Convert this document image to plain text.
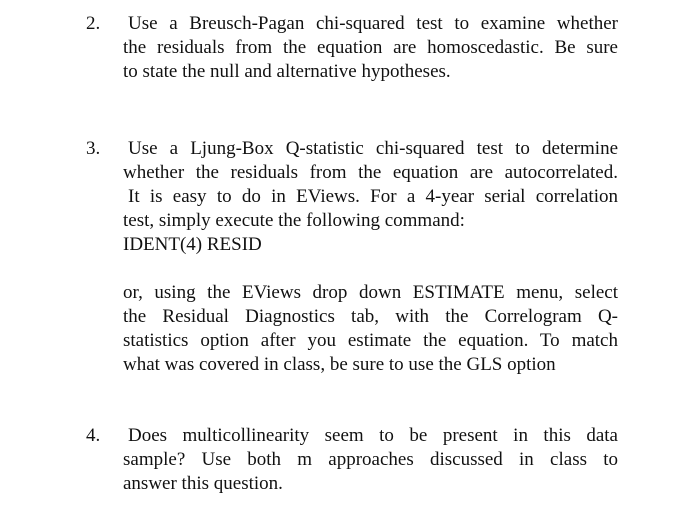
2. Use a Breusch-Pagan chi-squared test to examine whether
the residuals from the equation are homoscedastic. Be sure
to state the null and alternative hypotheses.
3. Use a Ljung-Box Q-statistic chi-squared test to determine
whether the residuals from the equation are autocorrelated.
It is easy to do in EViews. For a 4-year serial correlation
test, simply execute the following command:
IDENT(4) RESID
or, using the EViews drop down ESTIMATE menu, select
the Residual Diagnostics tab, with the Correlogram Q-
statistics option after you estimate the equation. To match
what was covered in class, be sure to use the GLS option
4. Does multicollinearity seem to be present in this data
sample? Use both m approaches discussed in class to
answer this question.
